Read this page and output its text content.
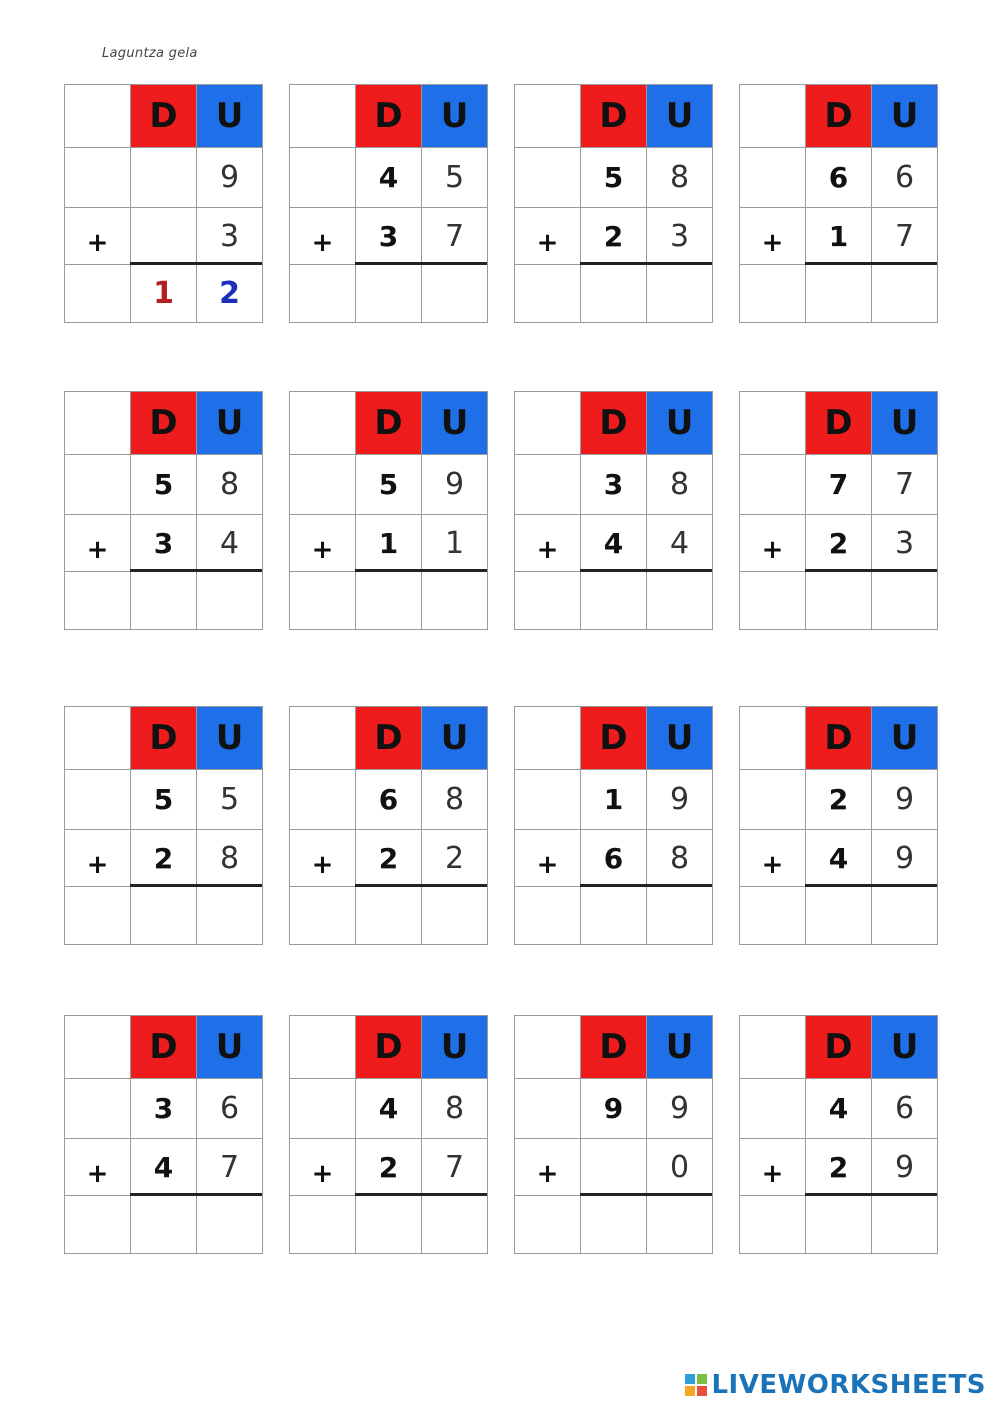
Laguntza gela
D U
9
+	3
1 2
D U
4 5
+ 3 7
D U
5 8
+ 2 3
D U
6 6
+ 1 7
D U
5 8
+ 3 4
D U
5 9
+ 1 1
D U
3 8
+ 4 4
D U
7 7
+ 2 3
D U
5 5
+ 2 8
D U
6 8
+ 2 2
D U
1 9
+ 6 8
D U
2 9
+ 4 9
D U
3 6
+ 4 7
D U
4 8
+ 2 7
D U
9 9
+	0
D U
4 6
+ 2 9
LIVEWORKSHEETS
